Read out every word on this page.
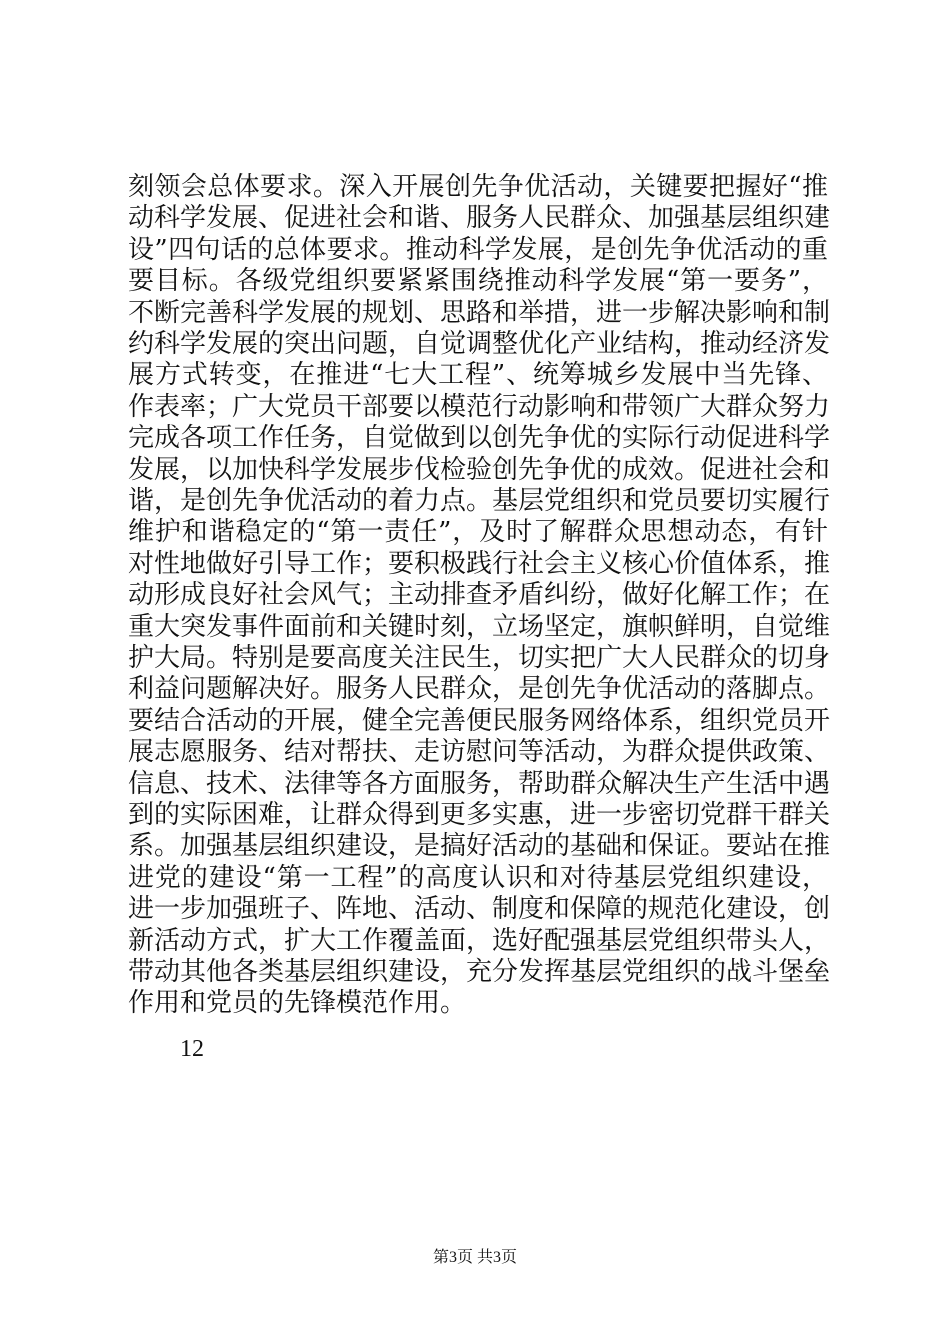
刻领会总体要求。深入开展创先争优活动，关键要把握好“推
动科学发展、促进社会和谐、服务人民群众、加强基层组织建
设”四句话的总体要求。推动科学发展，是创先争优活动的重
要目标。各级党组织要紧紧围绕推动科学发展“第一要务”，
不断完善科学发展的规划、思路和举措，进一步解决影响和制
约科学发展的突出问题，自觉调整优化产业结构，推动经济发
展方式转变，在推进“七大工程”、统筹城乡发展中当先锋、
作表率；广大党员干部要以模范行动影响和带领广大群众努力
完成各项工作任务，自觉做到以创先争优的实际行动促进科学
发展，以加快科学发展步伐检验创先争优的成效。促进社会和
谐，是创先争优活动的着力点。基层党组织和党员要切实履行
维护和谐稳定的“第一责任”，及时了解群众思想动态，有针
对性地做好引导工作；要积极践行社会主义核心价值体系，推
动形成良好社会风气；主动排查矛盾纠纷，做好化解工作；在
重大突发事件面前和关键时刻，立场坚定，旗帜鲜明，自觉维
护大局。特别是要高度关注民生，切实把广大人民群众的切身
利益问题解决好。服务人民群众，是创先争优活动的落脚点。
要结合活动的开展，健全完善便民服务网络体系，组织党员开
展志愿服务、结对帮扶、走访慰问等活动，为群众提供政策、
信息、技术、法律等各方面服务，帮助群众解决生产生活中遇
到的实际困难，让群众得到更多实惠，进一步密切党群干群关
系。加强基层组织建设，是搞好活动的基础和保证。要站在推
进党的建设“第一工程”的高度认识和对待基层党组织建设，
进一步加强班子、阵地、活动、制度和保障的规范化建设，创
新活动方式，扩大工作覆盖面，选好配强基层党组织带头人，
带动其他各类基层组织建设，充分发挥基层党组织的战斗堡垒
作用和党员的先锋模范作用。
12
第3页 共3页
